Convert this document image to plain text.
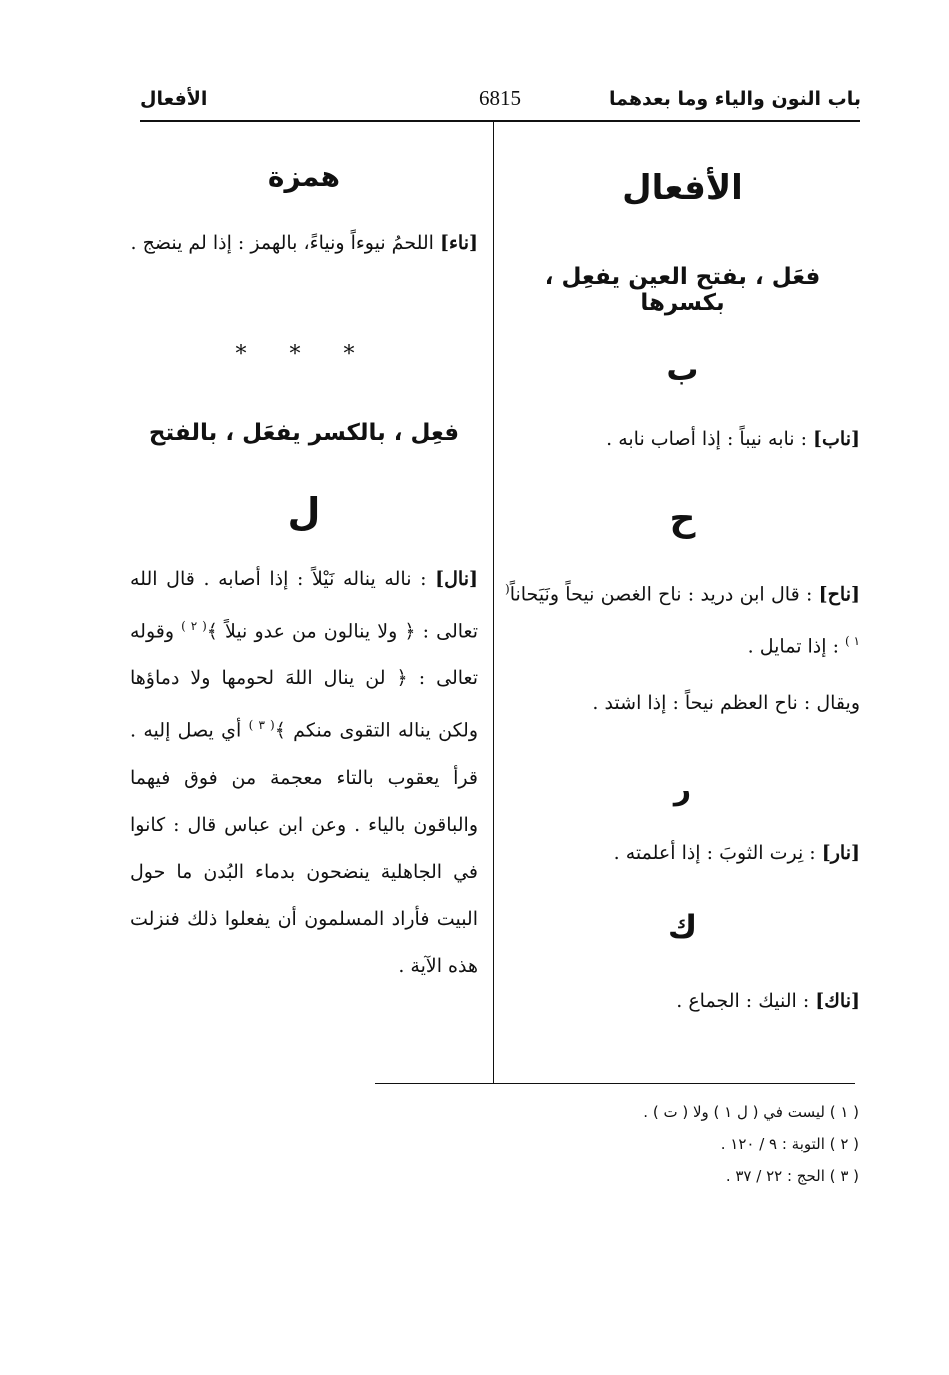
باب النون والياء وما بعدهما
6815
الأفعال
الأفعال
فعَل ، بفتح العين يفعِل ، بكسرها
ب

[ناب] : نابه نيباً : إذا أصاب نابه .

ح

[ناح] : قال ابن دريد : ناح الغصن نيحاً ونَيَحاناً$^{( ١ )}$ : إذا تمايل .

ويقال : ناح العظم نيحاً : إذا اشتد .

ر

[نار] : نِرت الثوبَ : إذا أعلمته .

ك

[ناك] : النيك : الجماع .

همزة

[ناء] اللحمُ نيوءاً ونياءً، بالهمز : إذا لم ينضج .

* * *
فعِل ، بالكسر يفعَل ، بالفتح
ل

[نال] : ناله يناله نَيْلاً : إذا أصابه . قال الله تعالى : ﴿ ولا ينالون من عدو نيلاً ﴾$^{( ٢ )}$ وقوله تعالى : ﴿ لن ينال اللهَ لحومها ولا دماؤها ولكن يناله التقوى منكم ﴾$^{( ٣ )}$ أي يصل إليه . قرأ يعقوب بالتاء معجمة من فوق فيهما والباقون بالياء . وعن ابن عباس قال : كانوا في الجاهلية ينضحون بدماء البُدن ما حول البيت فأراد المسلمون أن يفعلوا ذلك فنزلت هذه الآية .

( ١ ) ليست في ( ل ١ ) ولا ( ت ) .
( ٢ ) التوبة : ٩ / ١٢٠ .
( ٣ ) الحج : ٢٢ / ٣٧ .
